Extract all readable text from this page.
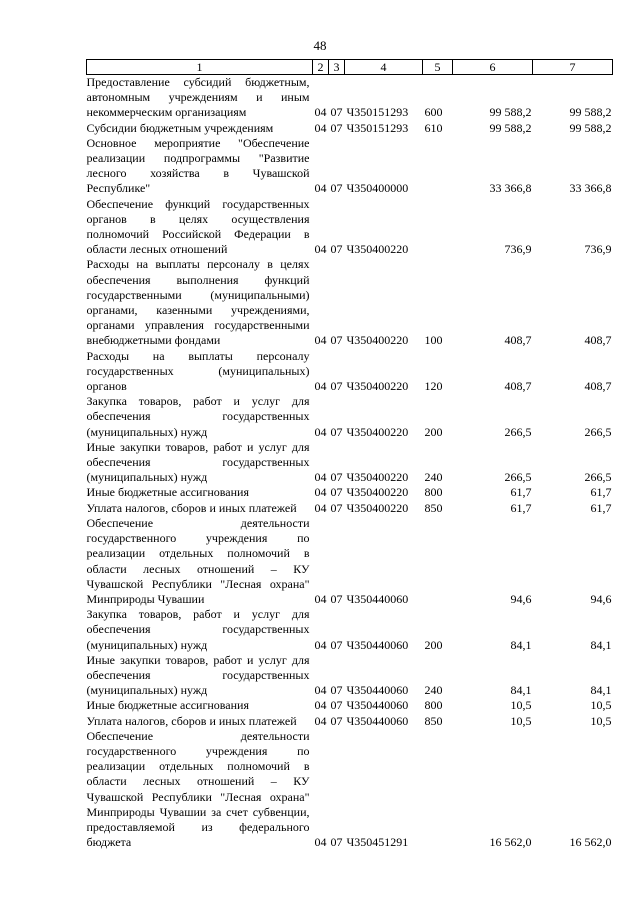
48
1	2	3	4	5	6	7
Предоставление субсидий бюджетным, автономным учреждениям и иным некоммерческим организациям	04	07	Ч350151293	600	99 588,2	99 588,2
Субсидии бюджетным учреждениям	04	07	Ч350151293	610	99 588,2	99 588,2
Основное мероприятие "Обеспечение реализации подпрограммы "Развитие лесного хозяйства в Чувашской Республике"	04	07	Ч350400000		33 366,8	33 366,8
Обеспечение функций государственных органов в целях осуществления полномочий Российской Федерации в области лесных отношений	04	07	Ч350400220		736,9	736,9
Расходы на выплаты персоналу в целях обеспечения выполнения функций государственными (муниципальными) органами, казенными учреждениями, органами управления государственными внебюджетными фондами	04	07	Ч350400220	100	408,7	408,7
Расходы на выплаты персоналу государственных (муниципальных) органов	04	07	Ч350400220	120	408,7	408,7
Закупка товаров, работ и услуг для обеспечения государственных (муниципальных) нужд	04	07	Ч350400220	200	266,5	266,5
Иные закупки товаров, работ и услуг для обеспечения государственных (муниципальных) нужд	04	07	Ч350400220	240	266,5	266,5
Иные бюджетные ассигнования	04	07	Ч350400220	800	61,7	61,7
Уплата налогов, сборов и иных платежей	04	07	Ч350400220	850	61,7	61,7
Обеспечение деятельности государственного учреждения по реализации отдельных полномочий в области лесных отношений – КУ Чувашской Республики "Лесная охрана" Минприроды Чувашии	04	07	Ч350440060		94,6	94,6
Закупка товаров, работ и услуг для обеспечения государственных (муниципальных) нужд	04	07	Ч350440060	200	84,1	84,1
Иные закупки товаров, работ и услуг для обеспечения государственных (муниципальных) нужд	04	07	Ч350440060	240	84,1	84,1
Иные бюджетные ассигнования	04	07	Ч350440060	800	10,5	10,5
Уплата налогов, сборов и иных платежей	04	07	Ч350440060	850	10,5	10,5
Обеспечение деятельности государственного учреждения по реализации отдельных полномочий в области лесных отношений – КУ Чувашской Республики "Лесная охрана" Минприроды Чувашии за счет субвенции, предоставляемой из федерального бюджета	04	07	Ч350451291		16 562,0	16 562,0
